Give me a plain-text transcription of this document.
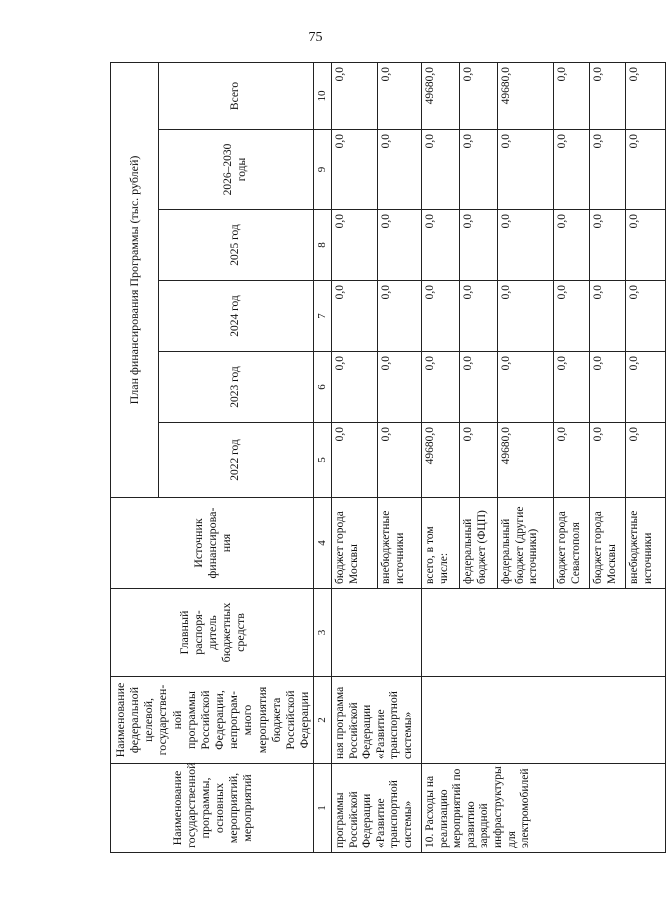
75
Наименование государственной программы, основных мероприятий, мероприятий	Наименование федеральной целевой, государствен-ной программы Российской Федерации, непрограм-много мероприятия бюджета Российской Федерации	Главный распоря-дитель бюджетных средств	Источник финансирова-ния	План финансирования Программы (тыс. рублей)					
				2022 год	2023 год	2024 год	2025 год	2026–2030 годы	Всего
1	2	3	4	5	6	7	8	9	10
программы Российской Федерации «Развитие транспортной системы»	ная программа Российской Федерации «Развитие транспортной системы»		бюджет города Москвы	0,0	0,0	0,0	0,0	0,0	0,0
			внебюджетные источники	0,0	0,0	0,0	0,0	0,0	0,0
10. Расходы на реализацию мероприятий по развитию зарядной инфраструктуры для электромобилей			всего, в том числе:	49680,0	0,0	0,0	0,0	0,0	49680,0
			федеральный бюджет (ФЦП)	0,0	0,0	0,0	0,0	0,0	0,0
			федеральный бюджет (другие источники)	49680,0	0,0	0,0	0,0	0,0	49680,0
			бюджет города Севастополя	0,0	0,0	0,0	0,0	0,0	0,0
			бюджет города Москвы	0,0	0,0	0,0	0,0	0,0	0,0
			внебюджетные источники	0,0	0,0	0,0	0,0	0,0	0,0
